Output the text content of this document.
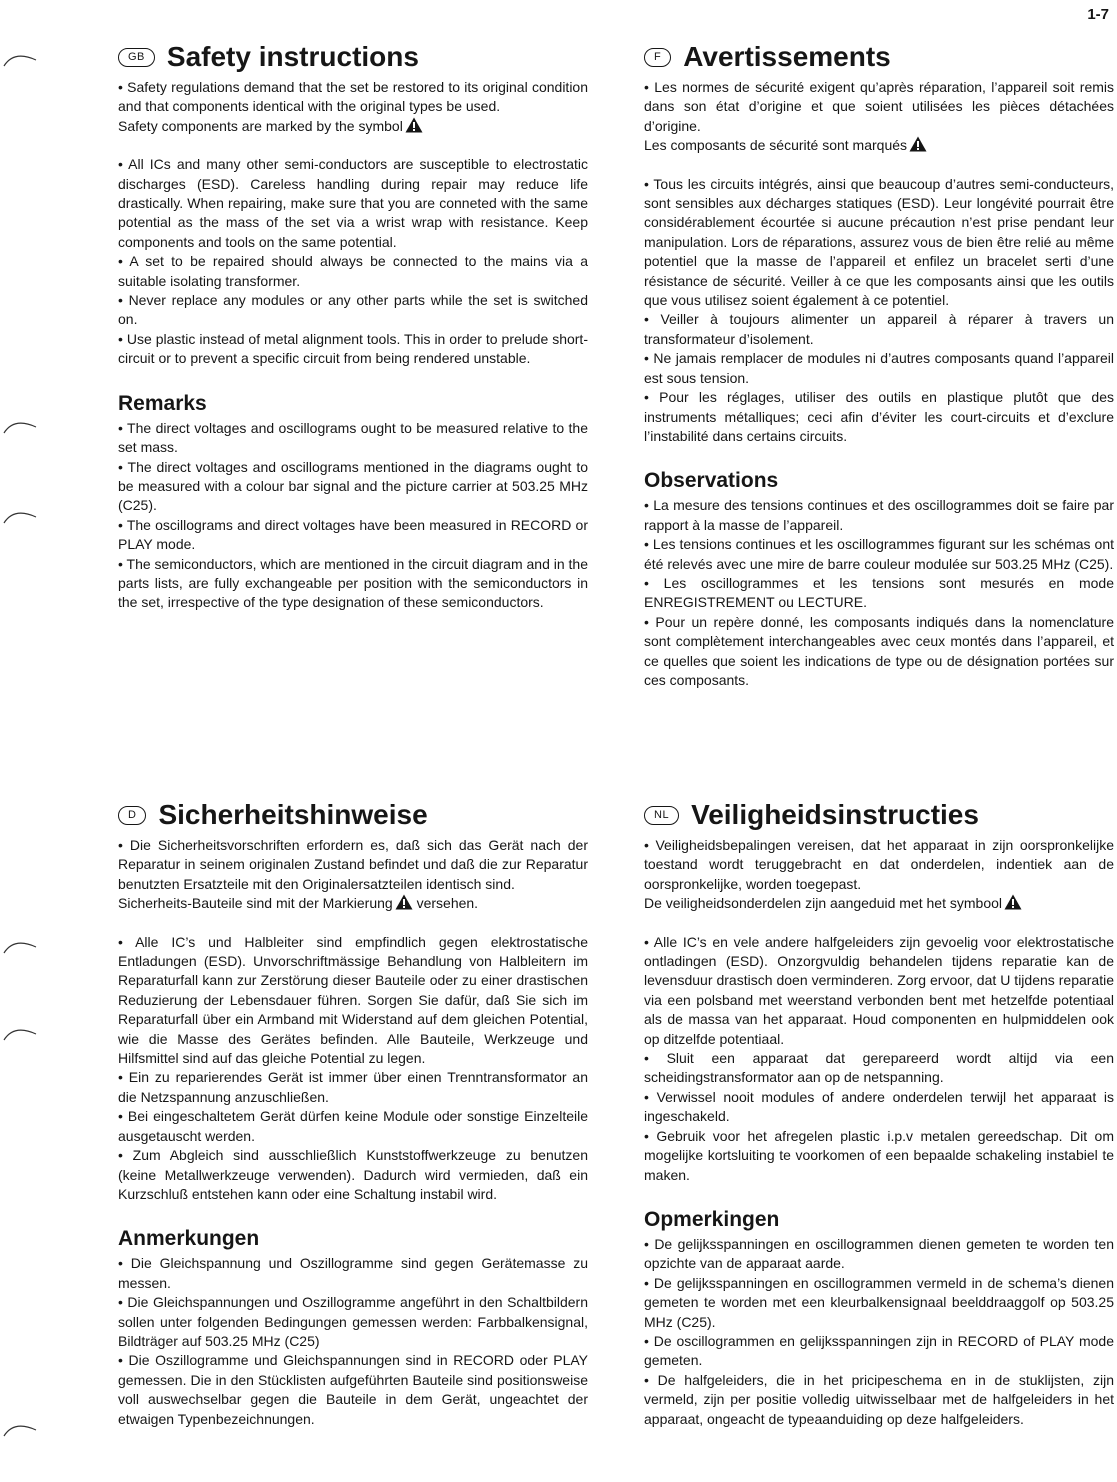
1-7
GB Safety instructions

• Safety regulations demand that the set be restored to its original condition and that components identical with the original types be used.

Safety components are marked by the symbol

• All ICs and many other semi-conductors are susceptible to electrostatic discharges (ESD). Careless handling during repair may reduce life drastically. When repairing, make sure that you are conneted with the same potential as the mass of the set via a wrist wrap with resistance. Keep components and tools on the same potential.

• A set to be repaired should always be connected to the mains via a suitable isolating transformer.

• Never replace any modules or any other parts while the set is switched on.

• Use plastic instead of metal alignment tools. This in order to prelude short-circuit or to prevent a specific circuit from being rendered unstable.

Remarks

• The direct voltages and oscillograms ought to be measured relative to the set mass.

• The direct voltages and oscillograms mentioned in the diagrams ought to be measured with a colour bar signal and the picture carrier at 503.25 MHz (C25).

• The oscillograms and direct voltages have been measured in RECORD or PLAY mode.

• The semiconductors, which are mentioned in the circuit diagram and in the parts lists, are fully exchangeable per position with the semiconductors in the set, irrespective of the type designation of these semiconductors.

F Avertissements

• Les normes de sécurité exigent qu’après réparation, l’appareil soit remis dans son état d’origine et que soient utilisées les pièces détachées d’origine.

Les composants de sécurité sont marqués

• Tous les circuits intégrés, ainsi que beaucoup d’autres semi-conducteurs, sont sensibles aux décharges statiques (ESD). Leur longévité pourrait être considérablement écourtée si aucune précaution n’est prise pendant leur manipulation. Lors de réparations, assurez vous de bien être relié au même potentiel que la masse de l’appareil et enfilez un bracelet serti d’une résistance de sécurité. Veiller à ce que les composants ainsi que les outils que vous utilisez soient également à ce potentiel.

• Veiller à toujours alimenter un appareil à réparer à travers un transformateur d’isolement.

• Ne jamais remplacer de modules ni d’autres composants quand l’appareil est sous tension.

• Pour les réglages, utiliser des outils en plastique plutôt que des instruments métalliques; ceci afin d’éviter les court-circuits et d’exclure l’instabilité dans certains circuits.

Observations

• La mesure des tensions continues et des oscillogrammes doit se faire par rapport à la masse de l’appareil.

• Les tensions continues et les oscillogrammes figurant sur les schémas ont été relevés avec une mire de barre couleur modulée sur 503.25 MHz (C25).

• Les oscillogrammes et les tensions sont mesurés en mode ENREGISTREMENT ou LECTURE.

• Pour un repère donné, les composants indiqués dans la nomenclature sont complètement interchangeables avec ceux montés dans l’appareil, et ce quelles que soient les indications de type ou de désignation portées sur ces composants.

D Sicherheitshinweise

• Die Sicherheitsvorschriften erfordern es, daß sich das Gerät nach der Reparatur in seinem originalen Zustand befindet und daß die zur Reparatur benutzten Ersatzteile mit den Originalersatzteilen identisch sind.

Sicherheits-Bauteile sind mit der Markierung versehen.

• Alle IC’s und Halbleiter sind empfindlich gegen elektrostatische Entladungen (ESD). Unvorschriftmässige Behandlung von Halbleitern im Reparaturfall kann zur Zerstörung dieser Bauteile oder zu einer drastischen Reduzierung der Lebensdauer führen. Sorgen Sie dafür, daß Sie sich im Reparaturfall über ein Armband mit Widerstand auf dem gleichen Potential, wie die Masse des Gerätes befinden. Alle Bauteile, Werkzeuge und Hilfsmittel sind auf das gleiche Potential zu legen.

• Ein zu reparierendes Gerät ist immer über einen Trenntransformator an die Netzspannung anzuschließen.

• Bei eingeschaltetem Gerät dürfen keine Module oder sonstige Einzelteile ausgetauscht werden.

• Zum Abgleich sind ausschließlich Kunststoffwerkzeuge zu benutzen (keine Metallwerkzeuge verwenden). Dadurch wird vermieden, daß ein Kurzschluß entstehen kann oder eine Schaltung instabil wird.

Anmerkungen

• Die Gleichspannung und Oszillogramme sind gegen Gerätemasse zu messen.

• Die Gleichspannungen und Oszillogramme angeführt in den Schaltbildern sollen unter folgenden Bedingungen gemessen werden: Farbbalkensignal, Bildträger auf 503.25 MHz (C25)

• Die Oszillogramme und Gleichspannungen sind in RECORD oder PLAY gemessen. Die in den Stücklisten aufgeführten Bauteile sind positionsweise voll auswechselbar gegen die Bauteile in dem Gerät, ungeachtet der etwaigen Typenbezeichnungen.

NL Veiligheidsinstructies

• Veiligheidsbepalingen vereisen, dat het apparaat in zijn oorspronkelijke toestand wordt teruggebracht en dat onderdelen, indentiek aan de oorspronkelijke, worden toegepast.

De veiligheidsonderdelen zijn aangeduid met het symbool

• Alle IC’s en vele andere halfgeleiders zijn gevoelig voor elektrostatische ontladingen (ESD). Onzorgvuldig behandelen tijdens reparatie kan de levensduur drastisch doen verminderen. Zorg ervoor, dat U tijdens reparatie via een polsband met weerstand verbonden bent met hetzelfde potentiaal als de massa van het apparaat. Houd componenten en hulpmiddelen ook op ditzelfde potentiaal.

• Sluit een apparaat dat gerepareerd wordt altijd via een scheidingstransformator aan op de netspanning.

• Verwissel nooit modules of andere onderdelen terwijl het apparaat is ingeschakeld.

• Gebruik voor het afregelen plastic i.p.v metalen gereedschap. Dit om mogelijke kortsluiting te voorkomen of een bepaalde schakeling instabiel te maken.

Opmerkingen

• De gelijksspanningen en oscillogrammen dienen gemeten te worden ten opzichte van de apparaat aarde.

• De gelijksspanningen en oscillogrammen vermeld in de schema’s dienen gemeten te worden met een kleurbalkensignaal beelddraaggolf op 503.25 MHz (C25).

• De oscillogrammen en gelijksspanningen zijn in RECORD of PLAY mode gemeten.

• De halfgeleiders, die in het pricipeschema en in de stuklijsten, zijn vermeld, zijn per positie volledig uitwisselbaar met de halfgeleiders in het apparaat, ongeacht de typeaanduiding op deze halfgeleiders.
